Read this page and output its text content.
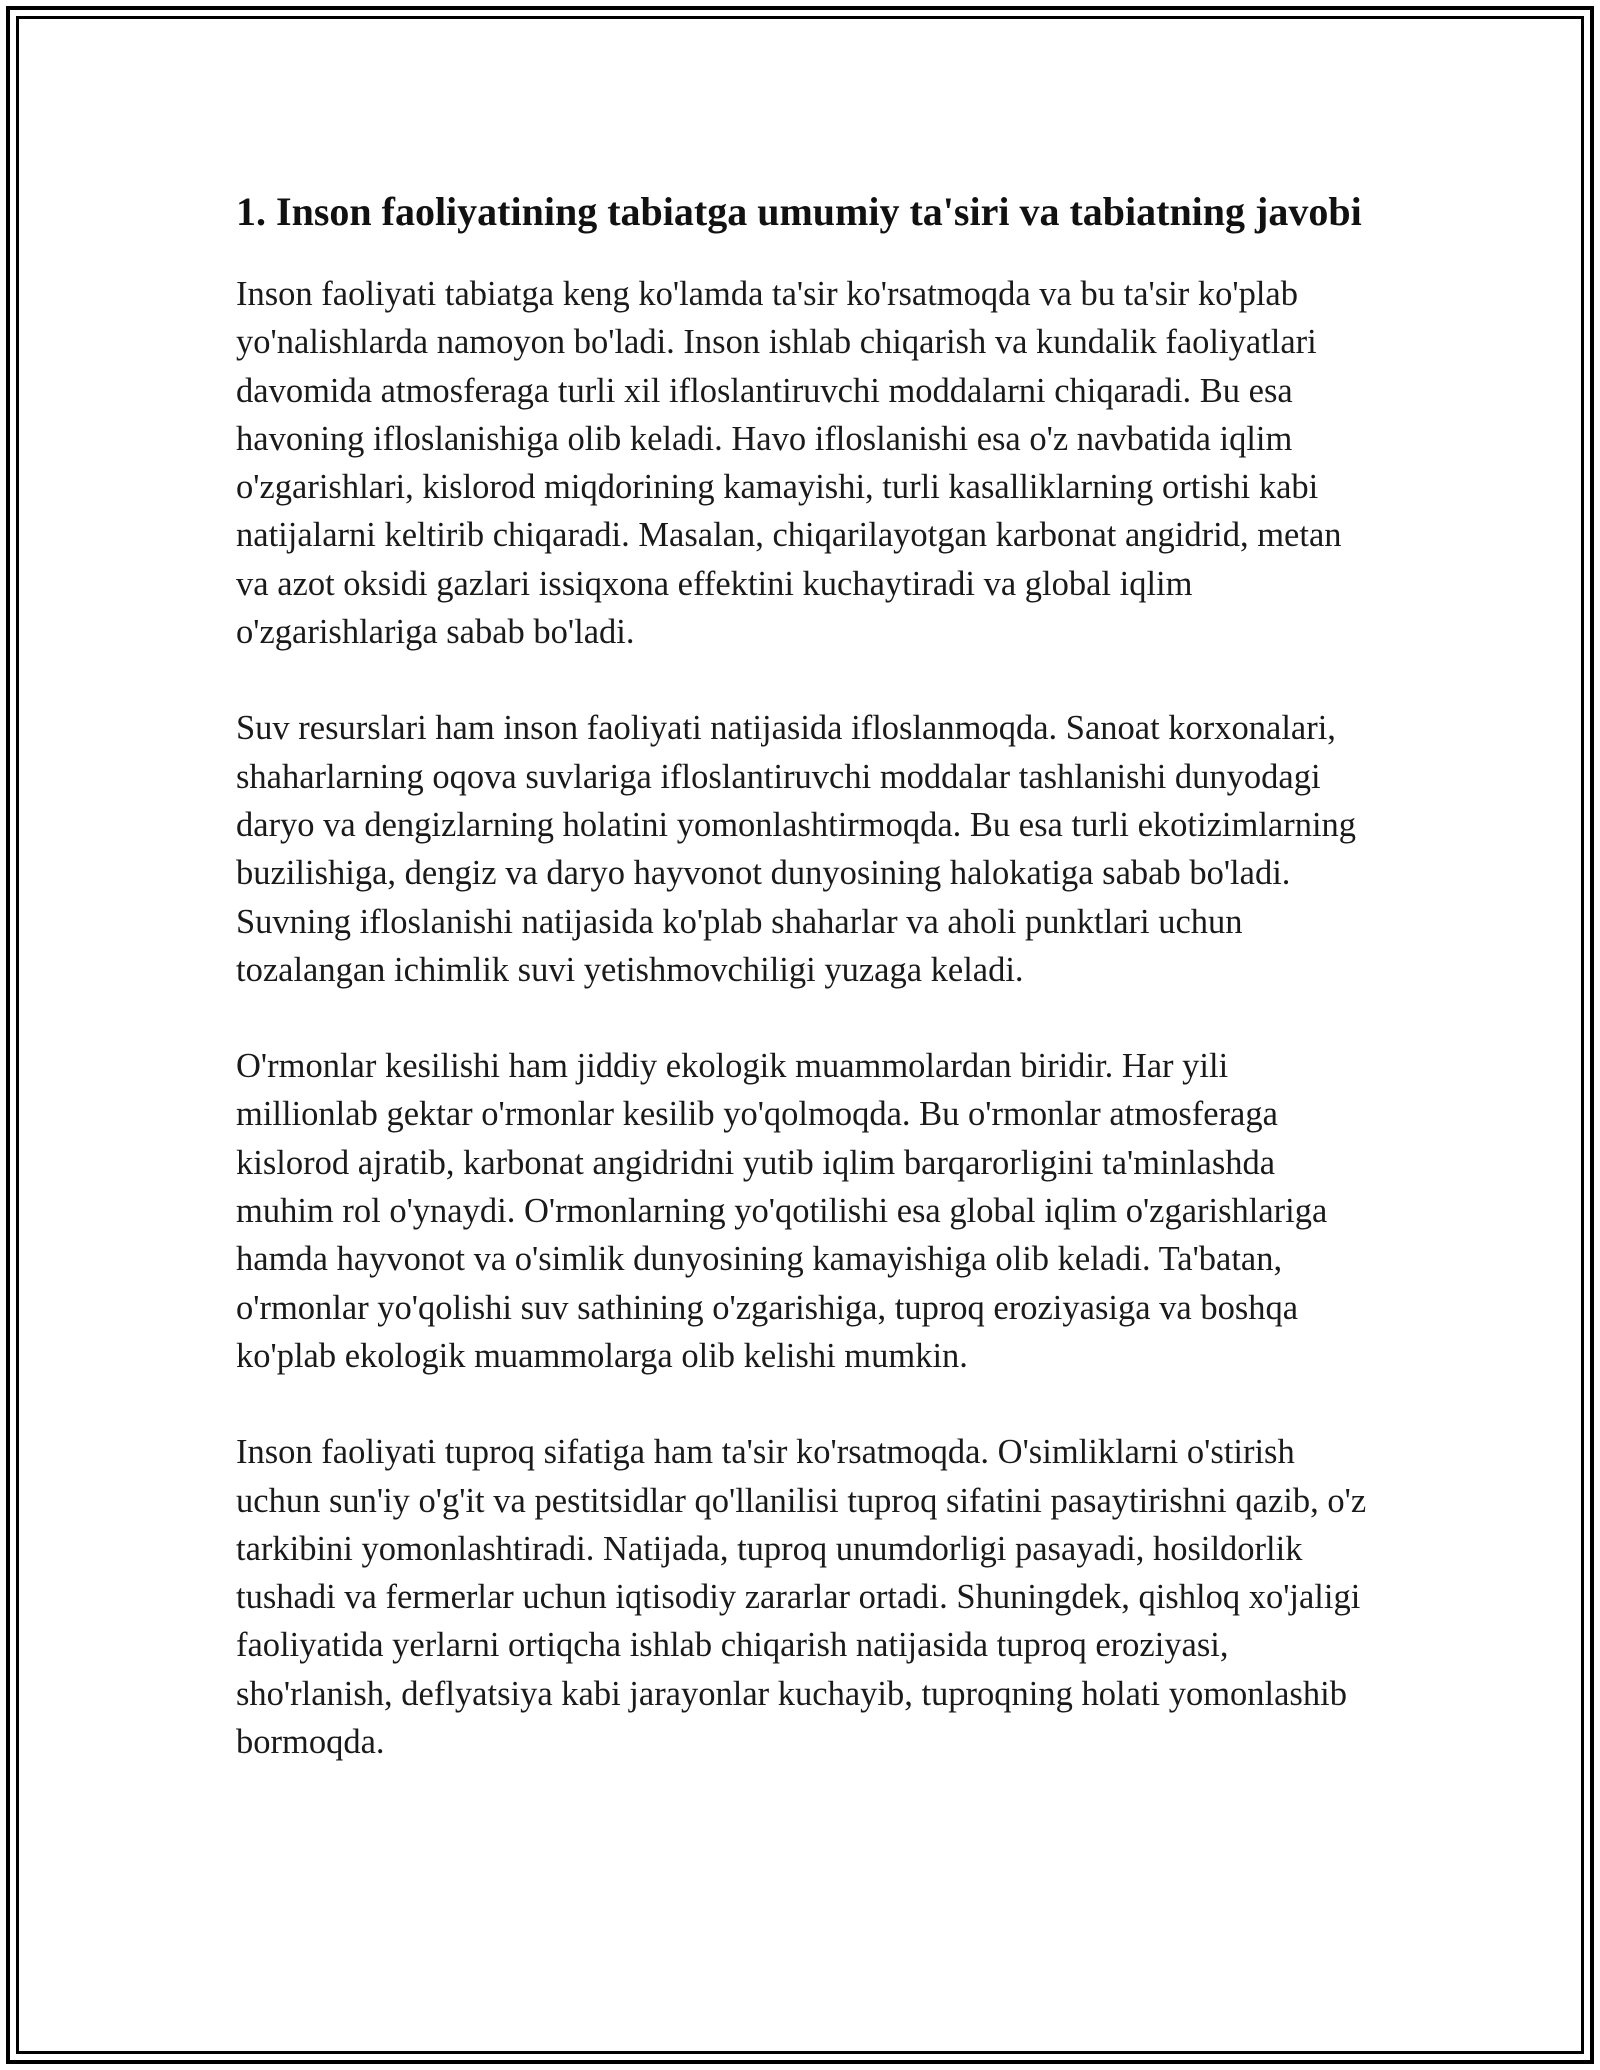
1. Inson faoliyatining tabiatga umumiy ta'siri va tabiatning javobi

Inson faoliyati tabiatga keng ko'lamda ta'sir ko'rsatmoqda va bu ta'sir ko'plab yo'nalishlarda namoyon bo'ladi. Inson ishlab chiqarish va kundalik faoliyatlari davomida atmosferaga turli xil ifloslantiruvchi moddalarni chiqaradi. Bu esa havoning ifloslanishiga olib keladi. Havo ifloslanishi esa o'z navbatida iqlim o'zgarishlari, kislorod miqdorining kamayishi, turli kasalliklarning ortishi kabi natijalarni keltirib chiqaradi. Masalan, chiqarilayotgan karbonat angidrid, metan va azot oksidi gazlari issiqxona effektini kuchaytiradi va global iqlim o'zgarishlariga sabab bo'ladi.

Suv resurslari ham inson faoliyati natijasida ifloslanmoqda. Sanoat korxonalari, shaharlarning oqova suvlariga ifloslantiruvchi moddalar tashlanishi dunyodagi daryo va dengizlarning holatini yomonlashtirmoqda. Bu esa turli ekotizimlarning buzilishiga, dengiz va daryo hayvonot dunyosining halokatiga sabab bo'ladi. Suvning ifloslanishi natijasida ko'plab shaharlar va aholi punktlari uchun tozalangan ichimlik suvi yetishmovchiligi yuzaga keladi.

O'rmonlar kesilishi ham jiddiy ekologik muammolardan biridir. Har yili millionlab gektar o'rmonlar kesilib yo'qolmoqda. Bu o'rmonlar atmosferaga kislorod ajratib, karbonat angidridni yutib iqlim barqarorligini ta'minlashda muhim rol o'ynaydi. O'rmonlarning yo'qotilishi esa global iqlim o'zgarishlariga hamda hayvonot va o'simlik dunyosining kamayishiga olib keladi. Ta'batan, o'rmonlar yo'qolishi suv sathining o'zgarishiga, tuproq eroziyasiga va boshqa ko'plab ekologik muammolarga olib kelishi mumkin.

Inson faoliyati tuproq sifatiga ham ta'sir ko'rsatmoqda. O'simliklarni o'stirish uchun sun'iy o'g'it va pestitsidlar qo'llanilisi tuproq sifatini pasaytirishni qazib, o'z tarkibini yomonlashtiradi. Natijada, tuproq unumdorligi pasayadi, hosildorlik tushadi va fermerlar uchun iqtisodiy zararlar ortadi. Shuningdek, qishloq xo'jaligi faoliyatida yerlarni ortiqcha ishlab chiqarish natijasida tuproq eroziyasi, sho'rlanish, deflyatsiya kabi jarayonlar kuchayib, tuproqning holati yomonlashib bormoqda.
